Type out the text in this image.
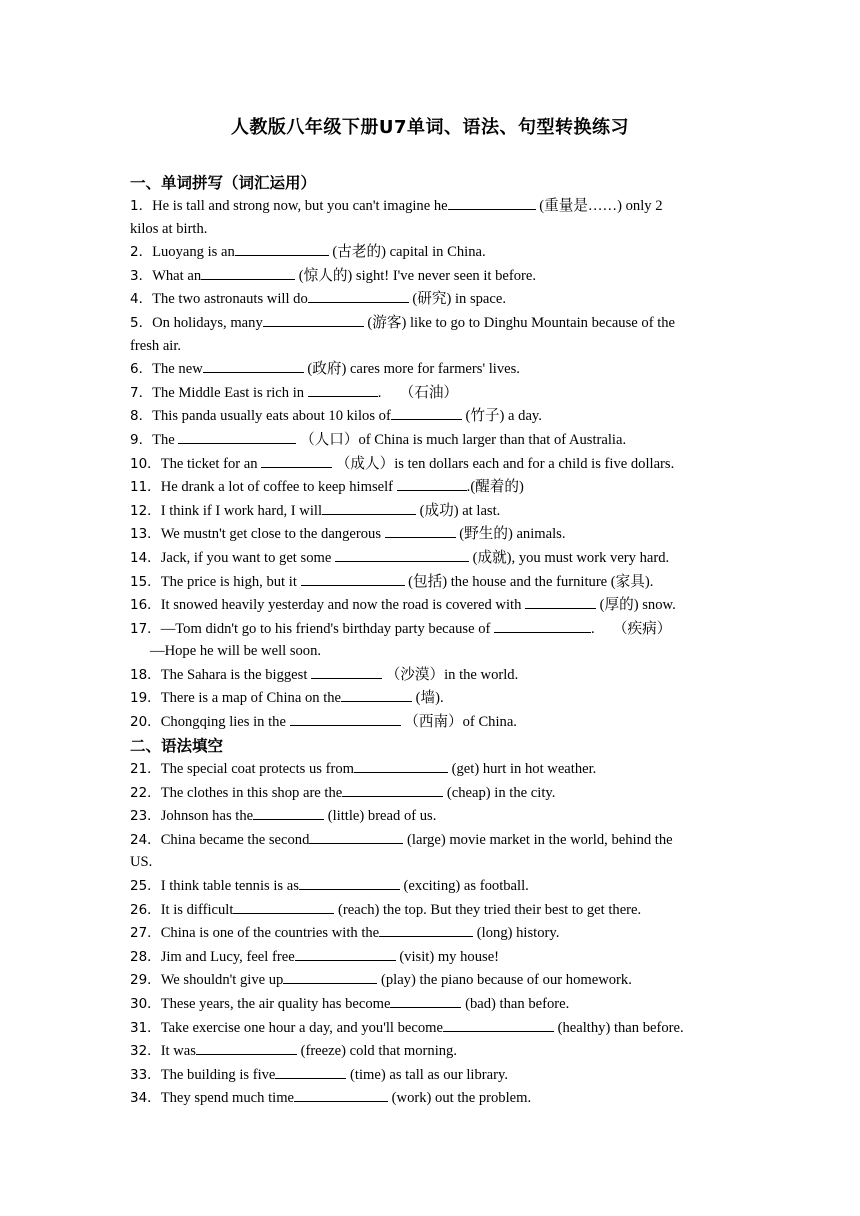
人教版八年级下册U7单词、语法、句型转换练习
一、单词拼写（词汇运用）
1．He is tall and strong now, but you can't imagine he	(重量是……) only 2
kilos at birth.
2．Luoyang is an	(古老的) capital in China.
3．What an	(惊人的) sight! I've never seen it before.
4．The two astronauts will do	(研究) in space.
5．On holidays, many	(游客) like to go to Dinghu Mountain because of the
fresh air.
6．The new	(政府) cares more for farmers' lives.
7．The Middle East is rich in	.　 （石油）
8．This panda usually eats about 10 kilos of	(竹子) a day.
9．The	（人口）of China is much larger than that of Australia.
10．The ticket for an	（成人）is ten dollars each and for a child is five dollars.
11．He drank a lot of coffee to keep himself	.(醒着的)
12．I think if I work hard, I will	(成功) at last.
13．We mustn't get close to the dangerous	(野生的) animals.
14．Jack, if you want to get some	(成就), you must work very hard.
15．The price is high, but it	(包括) the house and the furniture (家具).
16．It snowed heavily yesterday and now the road is covered with	(厚的) snow.
17．—Tom didn't go to his friend's birthday party because of	.　 （疾病）
—Hope he will be well soon.
18．The Sahara is the biggest	（沙漠）in the world.
19．There is a map of China on the	(墙).
20．Chongqing lies in the	（西南）of China.
二、语法填空
21．The special coat protects us from	(get) hurt in hot weather.
22．The clothes in this shop are the	(cheap) in the city.
23．Johnson has the	(little) bread of us.
24．China became the second	(large) movie market in the world, behind the
US.
25．I think table tennis is as	(exciting) as football.
26．It is difficult	(reach) the top. But they tried their best to get there.
27．China is one of the countries with the	(long) history.
28．Jim and Lucy, feel free	(visit) my house!
29．We shouldn't give up	(play) the piano because of our homework.
30．These years, the air quality has become	(bad) than before.
31．Take exercise one hour a day, and you'll become	(healthy) than before.
32．It was	(freeze) cold that morning.
33．The building is five	(time) as tall as our library.
34．They spend much time	(work) out the problem.
